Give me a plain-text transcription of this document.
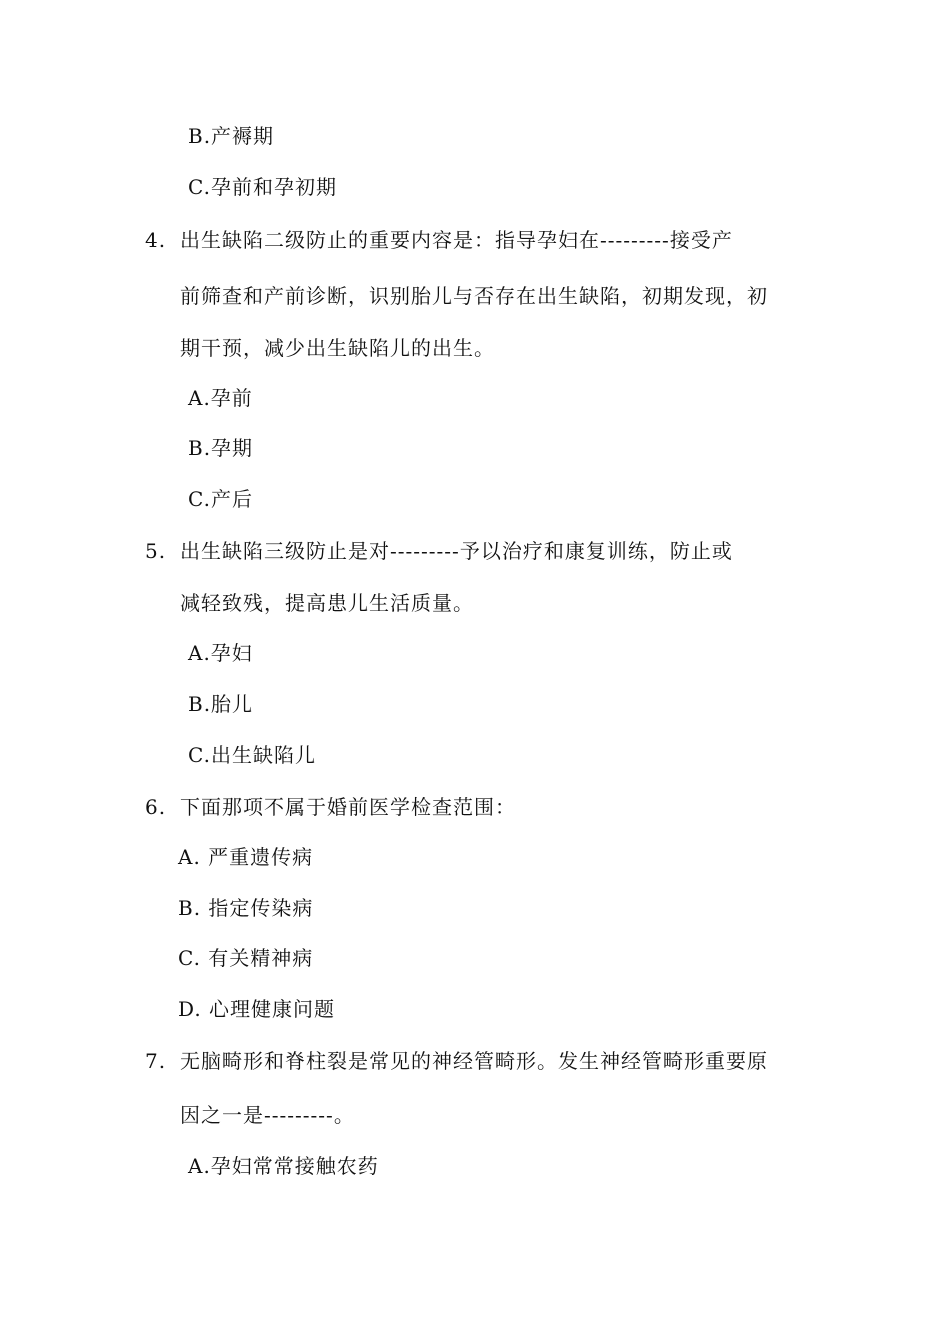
B.产褥期
C.孕前和孕初期
4. 出生缺陷二级防止的重要内容是：指导孕妇在---------接受产
前筛查和产前诊断，识别胎儿与否存在出生缺陷，初期发现，初
期干预，减少出生缺陷儿的出生。
A.孕前
B.孕期
C.产后
5. 出生缺陷三级防止是对---------予以治疗和康复训练，防止或
减轻致残，提高患儿生活质量。
A.孕妇
B.胎儿
C.出生缺陷儿
6. 下面那项不属于婚前医学检查范围：
A. 严重遗传病
B. 指定传染病
C. 有关精神病
D. 心理健康问题
7. 无脑畸形和脊柱裂是常见的神经管畸形。发生神经管畸形重要原
因之一是---------。
A.孕妇常常接触农药
